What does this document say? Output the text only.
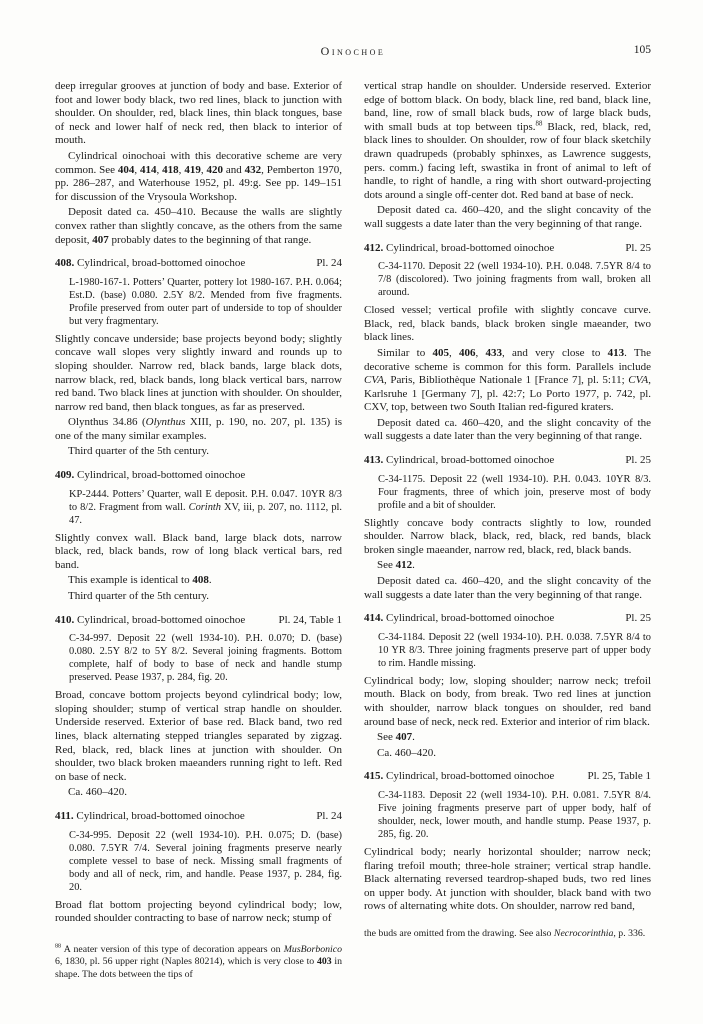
Oinochoe	105
deep irregular grooves at junction of body and base. Exterior of foot and lower body black, two red lines, black to junction with shoulder. On shoulder, red, black lines, thin black tongues, base of neck and lower half of neck red, then black to interior of mouth.
Cylindrical oinochoai with this decorative scheme are very common. See 404, 414, 418, 419, 420 and 432, Pemberton 1970, pp. 286–287, and Waterhouse 1952, pl. 49:g. See pp. 149–151 for discussion of the Vrysoula Workshop.
Deposit dated ca. 450–410. Because the walls are slightly convex rather than slightly concave, as the others from the same deposit, 407 probably dates to the beginning of that range.
408. Cylindrical, broad-bottomed oinochoe	Pl. 24
L-1980-167-1. Potters’ Quarter, pottery lot 1980-167. P.H. 0.064; Est.D. (base) 0.080. 2.5Y 8/2. Mended from five fragments. Profile preserved from outer part of underside to top of shoulder but very fragmentary.
Slightly concave underside; base projects beyond body; slightly concave wall slopes very slightly inward and rounds up to sloping shoulder. Narrow red, black bands, large black dots, narrow black, red, black bands, long black vertical bars, narrow red band. Two black lines at junction with shoulder. On shoulder, narrow red band, then black tongues, as far as preserved.
Olynthus 34.86 (Olynthus XIII, p. 190, no. 207, pl. 135) is one of the many similar examples.
Third quarter of the 5th century.
409. Cylindrical, broad-bottomed oinochoe
KP-2444. Potters’ Quarter, wall E deposit. P.H. 0.047. 10YR 8/3 to 8/2. Fragment from wall. Corinth XV, iii, p. 207, no. 1112, pl. 47.
Slightly convex wall. Black band, large black dots, narrow black, red, black bands, row of long black vertical bars, red band.
This example is identical to 408.
Third quarter of the 5th century.
410. Cylindrical, broad-bottomed oinochoe	Pl. 24, Table 1
C-34-997. Deposit 22 (well 1934-10). P.H. 0.070; D. (base) 0.080. 2.5Y 8/2 to 5Y 8/2. Several joining fragments. Bottom complete, half of body to base of neck and handle stump preserved. Pease 1937, p. 284, fig. 20.
Broad, concave bottom projects beyond cylindrical body; low, sloping shoulder; stump of vertical strap handle on shoulder. Underside reserved. Exterior of base red. Black band, two red lines, black alternating stepped triangles separated by zigzag. Red, black, red, black lines at junction with shoulder. On shoulder, two black broken maeanders running right to left. Red on base of neck.
Ca. 460–420.
411. Cylindrical, broad-bottomed oinochoe	Pl. 24
C-34-995. Deposit 22 (well 1934-10). P.H. 0.075; D. (base) 0.080. 7.5YR 7/4. Several joining fragments preserve nearly complete vessel to base of neck. Missing small fragments of body and all of neck, rim, and handle. Pease 1937, p. 284, fig. 20.
Broad flat bottom projecting beyond cylindrical body; low, rounded shoulder contracting to base of narrow neck; stump of
$^{88}$ A neater version of this type of decoration appears on MusBorbonico 6, 1830, pl. 56 upper right (Naples 80214), which is very close to 403 in shape. The dots between the tips of
vertical strap handle on shoulder. Underside reserved. Exterior edge of bottom black. On body, black line, red band, black line, band, line, row of small black buds, row of large black buds, with small buds at top between tips.$^{88}$ Black, red, black, red, black lines to shoulder. On shoulder, row of four black sketchily drawn quadrupeds (probably sphinxes, as Lawrence suggests, pers. comm.) facing left, swastika in front of animal to left of handle, to right of handle, a ring with short outward-projecting dots around a single off-center dot. Red band at base of neck.
Deposit dated ca. 460–420, and the slight concavity of the wall suggests a date later than the very beginning of that range.
412. Cylindrical, broad-bottomed oinochoe	Pl. 25
C-34-1170. Deposit 22 (well 1934-10). P.H. 0.048. 7.5YR 8/4 to 7/8 (discolored). Two joining fragments from wall, broken all around.
Closed vessel; vertical profile with slightly concave curve. Black, red, black bands, black broken single maeander, two black lines.
Similar to 405, 406, 433, and very close to 413. The decorative scheme is common for this form. Parallels include CVA, Paris, Bibliothèque Nationale 1 [France 7], pl. 5:11; CVA, Karlsruhe 1 [Germany 7], pl. 42:7; Lo Porto 1977, p. 742, pl. CXV, top, between two South Italian red-figured kraters.
Deposit dated ca. 460–420, and the slight concavity of the wall suggests a date later than the very beginning of that range.
413. Cylindrical, broad-bottomed oinochoe	Pl. 25
C-34-1175. Deposit 22 (well 1934-10). P.H. 0.043. 10YR 8/3. Four fragments, three of which join, preserve most of body profile and a bit of shoulder.
Slightly concave body contracts slightly to low, rounded shoulder. Narrow black, black, red, black, red bands, black broken single maeander, narrow red, black, red, black bands.
See 412.
Deposit dated ca. 460–420, and the slight concavity of the wall suggests a date later than the very beginning of that range.
414. Cylindrical, broad-bottomed oinochoe	Pl. 25
C-34-1184. Deposit 22 (well 1934-10). P.H. 0.038. 7.5YR 8/4 to 10 YR 8/3. Three joining fragments preserve part of upper body to rim. Handle missing.
Cylindrical body; low, sloping shoulder; narrow neck; trefoil mouth. Black on body, from break. Two red lines at junction with shoulder, narrow black tongues on shoulder, red band around base of neck, neck red. Exterior and interior of rim black.
See 407.
Ca. 460–420.
415. Cylindrical, broad-bottomed oinochoe	Pl. 25, Table 1
C-34-1183. Deposit 22 (well 1934-10). P.H. 0.081. 7.5YR 8/4. Five joining fragments preserve part of upper body, half of shoulder, neck, lower mouth, and handle stump. Pease 1937, p. 285, fig. 20.
Cylindrical body; nearly horizontal shoulder; narrow neck; flaring trefoil mouth; three-hole strainer; vertical strap handle. Black alternating reversed teardrop-shaped buds, two red lines on upper body. At junction with shoulder, black band with two rows of alternating white dots. On shoulder, narrow red band,
the buds are omitted from the drawing. See also Necrocorinthia, p. 336.
